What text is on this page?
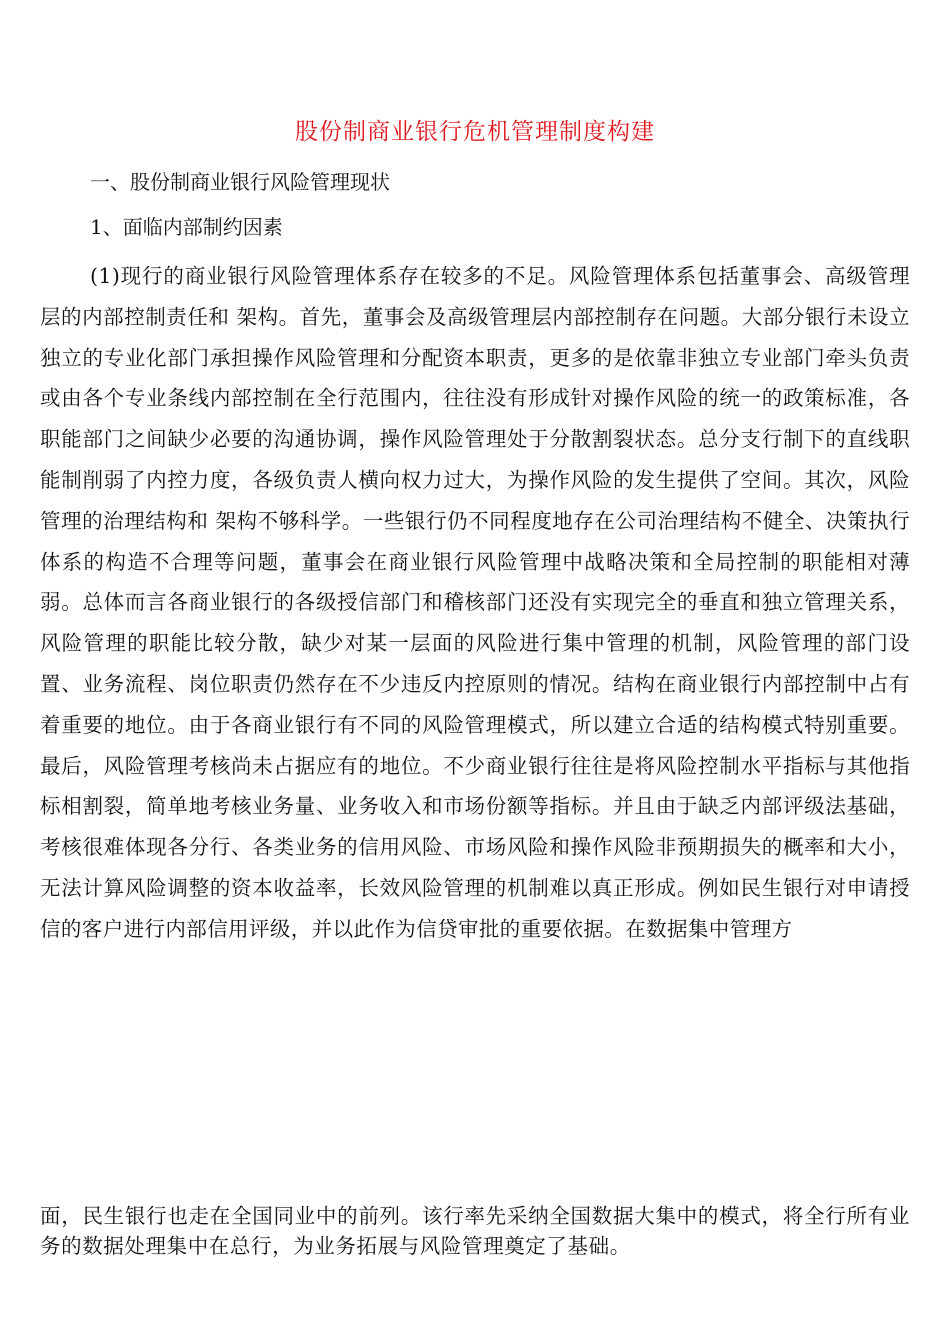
股份制商业银行危机管理制度构建
一、股份制商业银行风险管理现状
1、面临内部制约因素

(1)现行的商业银行风险管理体系存在较多的不足。风险管理体系包括董事会、高级管理层的内部控制责任和 架构。首先，董事会及高级管理层内部控制存在问题。大部分银行未设立独立的专业化部门承担操作风险管理和分配资本职责，更多的是依靠非独立专业部门牵头负责或由各个专业条线内部控制在全行范围内，往往没有形成针对操作风险的统一的政策标准，各职能部门之间缺少必要的沟通协调，操作风险管理处于分散割裂状态。总分支行制下的直线职能制削弱了内控力度，各级负责人横向权力过大，为操作风险的发生提供了空间。其次，风险管理的治理结构和 架构不够科学。一些银行仍不同程度地存在公司治理结构不健全、决策执行体系的构造不合理等问题，董事会在商业银行风险管理中战略决策和全局控制的职能相对薄弱。总体而言各商业银行的各级授信部门和稽核部门还没有实现完全的垂直和独立管理关系，风险管理的职能比较分散，缺少对某一层面的风险进行集中管理的机制，风险管理的部门设置、业务流程、岗位职责仍然存在不少违反内控原则的情况。结构在商业银行内部控制中占有着重要的地位。由于各商业银行有不同的风险管理模式，所以建立合适的结构模式特别重要。最后，风险管理考核尚未占据应有的地位。不少商业银行往往是将风险控制水平指标与其他指标相割裂，简单地考核业务量、业务收入和市场份额等指标。并且由于缺乏内部评级法基础，考核很难体现各分行、各类业务的信用风险、市场风险和操作风险非预期损失的概率和大小，无法计算风险调整的资本收益率，长效风险管理的机制难以真正形成。例如民生银行对申请授信的客户进行内部信用评级，并以此作为信贷审批的重要依据。在数据集中管理方

面，民生银行也走在全国同业中的前列。该行率先采纳全国数据大集中的模式，将全行所有业务的数据处理集中在总行，为业务拓展与风险管理奠定了基础。
